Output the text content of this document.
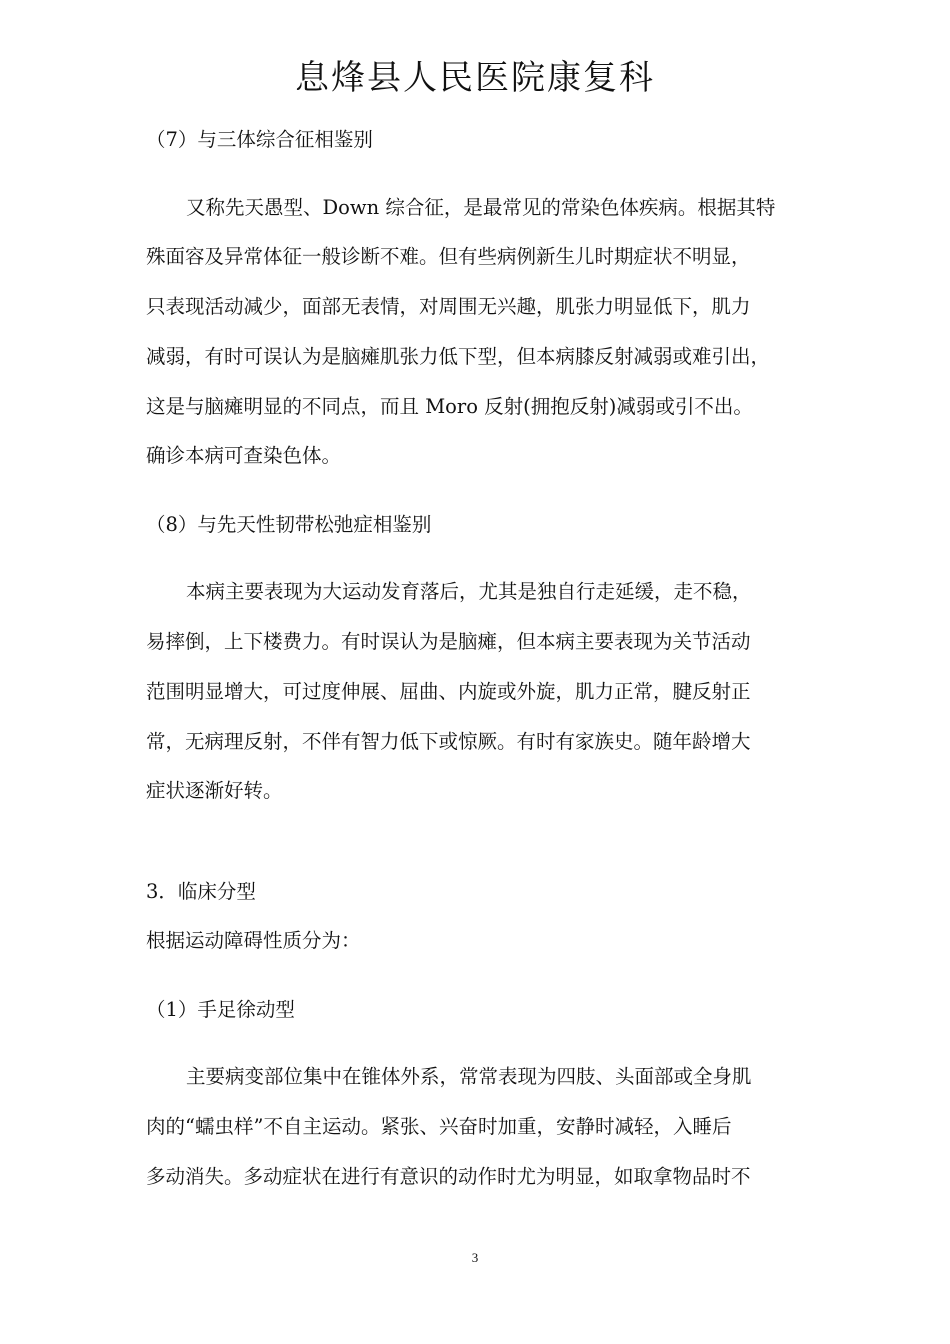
息烽县人民医院康复科
（7）与三体综合征相鉴别
又称先天愚型、Down 综合征，是最常见的常染色体疾病。根据其特
殊面容及异常体征一般诊断不难。但有些病例新生儿时期症状不明显，
只表现活动减少，面部无表情，对周围无兴趣，肌张力明显低下，肌力
减弱，有时可误认为是脑瘫肌张力低下型，但本病膝反射减弱或难引出，
这是与脑瘫明显的不同点，而且 Moro 反射(拥抱反射)减弱或引不出。
确诊本病可查染色体。
（8）与先天性韧带松弛症相鉴别
本病主要表现为大运动发育落后，尤其是独自行走延缓，走不稳，
易摔倒，上下楼费力。有时误认为是脑瘫，但本病主要表现为关节活动
范围明显增大，可过度伸展、屈曲、内旋或外旋，肌力正常，腱反射正
常，无病理反射，不伴有智力低下或惊厥。有时有家族史。随年龄增大
症状逐渐好转。
3．临床分型
根据运动障碍性质分为：
（1）手足徐动型
主要病变部位集中在锥体外系，常常表现为四肢、头面部或全身肌
肉的“蠕虫样”不自主运动。紧张、兴奋时加重，安静时减轻，入睡后
多动消失。多动症状在进行有意识的动作时尤为明显，如取拿物品时不
3
